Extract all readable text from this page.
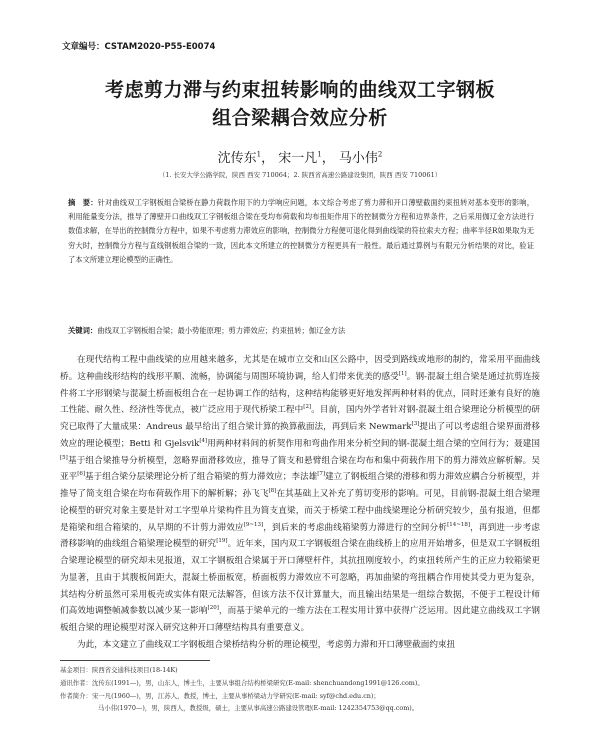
文章编号：CSTAM2020-P55-E0074
考虑剪力滞与约束扭转影响的曲线双工字钢板
组合梁耦合效应分析
沈传东$^1$， 宋一凡$^1$， 马小伟$^2$
（1. 长安大学公路学院，陕西 西安 710064；2. 陕西省高速公路建设集团，陕西 西安 710061）
摘　要：针对曲线双工字钢板组合梁桥在静力荷载作用下的力学响应问题，本文综合考虑了剪力滞和开口薄壁截面约束扭转对基本变形的影响，利用能量变分法，推导了薄壁开口曲线双工字钢板组合梁在受均布荷载和均布扭矩作用下的控制微分方程和边界条件，之后采用伽辽金方法进行数值求解，在导出的控制微分方程中，如果不考虑剪力滞效应的影响，控制微分方程便可退化得到曲线梁的符拉索夫方程；曲率半径R如果取为无穷大时，控制微分方程与直线钢板组合梁的一致，因此本文所建立的控制微分方程更具有一般性。最后通过算例与有限元分析结果的对比，验证了本文所建立理论模型的正确性。
关键词：曲线双工字钢板组合梁；最小势能原理；剪力滞效应；约束扭转；伽辽金方法

在现代结构工程中曲线梁的应用越来越多，尤其是在城市立交和山区公路中，因受到路线或地形的制约，常采用平面曲线桥。这种曲线形结构的线形平顺、流畅，协调能与周围环境协调，给人们带来优美的感受[1]。钢-混凝土组合梁是通过抗剪连接件将工字形钢梁与混凝土桥面板组合在一起协调工作的结构，这种结构能够更好地发挥两种材料的优点，同时还兼有良好的施工性能、耐久性、经济性等优点，被广泛应用于现代桥梁工程中[2]。目前，国内外学者针对钢-混凝土组合梁理论分析模型的研究已取得了大量成果：Andreus 最早给出了组合梁计算的换算截面法，再到后来 Newmark[3]提出了可以考虑组合梁界面滑移效应的理论模型；Betti 和 Gjelsvik[4]用两种材料间的析契作用和弯曲作用来分析空间的钢-混凝土组合梁的空间行为；聂建国[5]基于组合梁推导分析模型，忽略界面滑移效应，推导了简支和悬臂组合梁在均布和集中荷载作用下的剪力滞效应解析解。吴亚平[6]基于组合梁分层梁理论分析了组合箱梁的剪力滞效应；李法雄[7]建立了钢板组合梁的滑移和剪力滞效应耦合分析模型，并推导了简支组合梁在均布荷载作用下的解析解；孙飞飞[8]在其基础上又补充了剪切变形的影响。可见，目前钢-混凝土组合梁理论模型的研究对象主要是针对工字型单片梁构件且为简支直梁，而关于桥梁工程中曲线梁理论分析研究较少，虽有报道，但都是箱梁和组合箱梁的，从早期的不计剪力滞效应[9~13]，到后来的考虑曲线箱梁剪力滞进行的空间分析[14~18]，再到进一步考虑滑移影响的曲线组合箱梁理论模型的研究[19]。近年来，国内双工字钢板组合梁在曲线桥上的应用开始增多，但是双工字钢板组合梁理论模型的研究却未见报道，双工字钢板组合梁属于开口薄壁杆件，其抗扭刚度较小，约束扭转所产生的正应力较箱梁更为显著，且由于其腹板间距大，混凝土桥面板宽，桥面板剪力滞效应不可忽略，再加曲梁的弯扭耦合作用使其受力更为复杂，其结构分析虽然可采用板壳或实体有限元法解答，但该方法不仅计算量大，而且输出结果是一组综合数据，不便于工程设计师们高效地调整帧减参数以减少某一影响[20]，而基于梁单元的一维方法在工程实用计算中获得广泛运用。因此建立曲线双工字钢板组合梁的理论模型对深入研究这种开口薄壁结构具有重要意义。

为此，本文建立了曲线双工字钢板组合梁桥结构分析的理论模型，考虑剪力滞和开口薄壁截面约束扭

基金项目：陕西省交通科技项目(18-14K)
通讯作者：沈传东(1991—)，男，山东人，博士生，主要从事组合结构桥梁研究(E-mail: shenchuandong1991@126.com)。
作者简介：宋一凡(1960—)，男，江苏人，教授，博士，主要从事桥梁动力学研究(E-mail: syf@chd.edu.cn)；
马小伟(1970—)，男，陕西人，教授级，硕士，主要从事高速公路建设管理(E-mail: 1242354753@qq.com)。
